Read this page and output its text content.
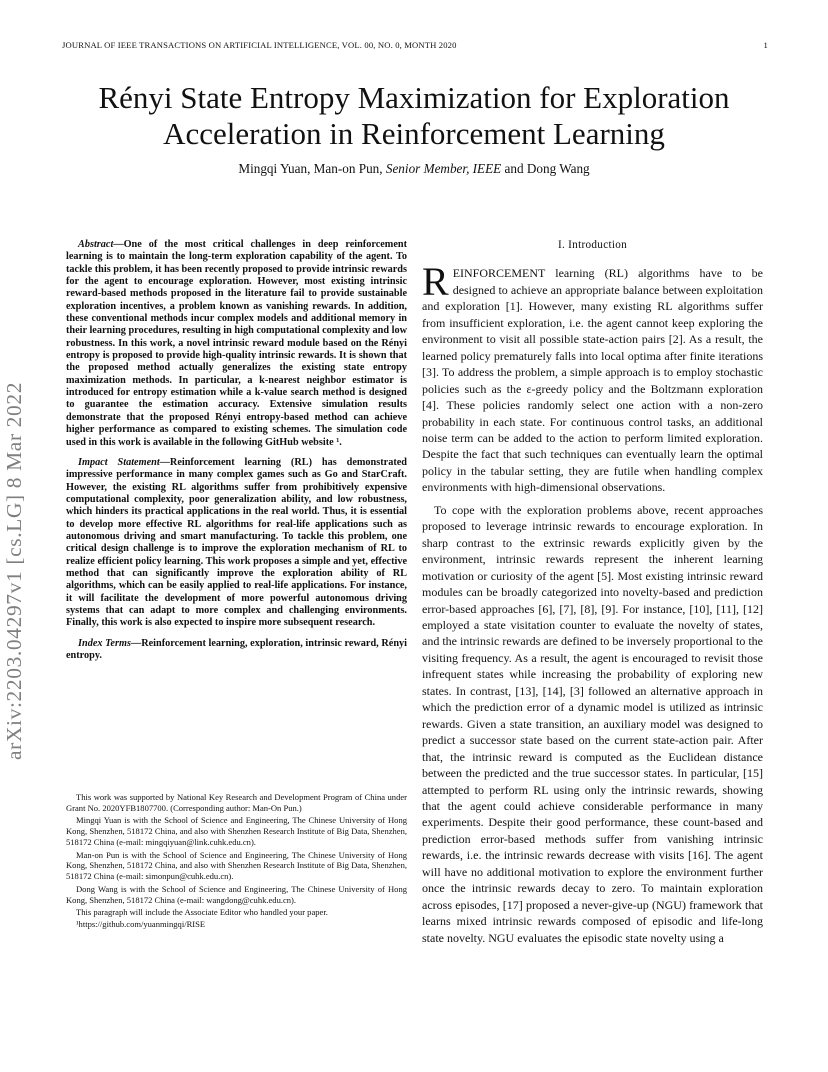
JOURNAL OF IEEE TRANSACTIONS ON ARTIFICIAL INTELLIGENCE, VOL. 00, NO. 0, MONTH 2020	1
arXiv:2203.04297v1 [cs.LG] 8 Mar 2022
Rényi State Entropy Maximization for Exploration
Acceleration in Reinforcement Learning
Mingqi Yuan, Man-on Pun, Senior Member, IEEE and Dong Wang

Abstract—One of the most critical challenges in deep reinforcement learning is to maintain the long-term exploration capability of the agent. To tackle this problem, it has been recently proposed to provide intrinsic rewards for the agent to encourage exploration. However, most existing intrinsic reward-based methods proposed in the literature fail to provide sustainable exploration incentives, a problem known as vanishing rewards. In addition, these conventional methods incur complex models and additional memory in their learning procedures, resulting in high computational complexity and low robustness. In this work, a novel intrinsic reward module based on the Rényi entropy is proposed to provide high-quality intrinsic rewards. It is shown that the proposed method actually generalizes the existing state entropy maximization methods. In particular, a k-nearest neighbor estimator is introduced for entropy estimation while a k-value search method is designed to guarantee the estimation accuracy. Extensive simulation results demonstrate that the proposed Rényi entropy-based method can achieve higher performance as compared to existing schemes. The simulation code used in this work is available in the following GitHub website ¹.

Impact Statement—Reinforcement learning (RL) has demonstrated impressive performance in many complex games such as Go and StarCraft. However, the existing RL algorithms suffer from prohibitively expensive computational complexity, poor generalization ability, and low robustness, which hinders its practical applications in the real world. Thus, it is essential to develop more effective RL algorithms for real-life applications such as autonomous driving and smart manufacturing. To tackle this problem, one critical design challenge is to improve the exploration mechanism of RL to realize efficient policy learning. This work proposes a simple and yet, effective method that can significantly improve the exploration ability of RL algorithms, which can be easily applied to real-life applications. For instance, it will facilitate the development of more powerful autonomous driving systems that can adapt to more complex and challenging environments. Finally, this work is also expected to inspire more subsequent research.

Index Terms—Reinforcement learning, exploration, intrinsic reward, Rényi entropy.

This work was supported by National Key Research and Development Program of China under Grant No. 2020YFB1807700. (Corresponding author: Man-On Pun.)

Mingqi Yuan is with the School of Science and Engineering, The Chinese University of Hong Kong, Shenzhen, 518172 China, and also with Shenzhen Research Institute of Big Data, Shenzhen, 518172 China (e-mail: mingqiyuan@link.cuhk.edu.cn).

Man-on Pun is with the School of Science and Engineering, The Chinese University of Hong Kong, Shenzhen, 518172 China, and also with Shenzhen Research Institute of Big Data, Shenzhen, 518172 China (e-mail: simonpun@cuhk.edu.cn).

Dong Wang is with the School of Science and Engineering, The Chinese University of Hong Kong, Shenzhen, 518172 China (e-mail: wangdong@cuhk.edu.cn).

This paragraph will include the Associate Editor who handled your paper.

¹https://github.com/yuanmingqi/RISE

I. Introduction

REINFORCEMENT learning (RL) algorithms have to be designed to achieve an appropriate balance between exploitation and exploration [1]. However, many existing RL algorithms suffer from insufficient exploration, i.e. the agent cannot keep exploring the environment to visit all possible state-action pairs [2]. As a result, the learned policy prematurely falls into local optima after finite iterations [3]. To address the problem, a simple approach is to employ stochastic policies such as the ε-greedy policy and the Boltzmann exploration [4]. These policies randomly select one action with a non-zero probability in each state. For continuous control tasks, an additional noise term can be added to the action to perform limited exploration. Despite the fact that such techniques can eventually learn the optimal policy in the tabular setting, they are futile when handling complex environments with high-dimensional observations.

To cope with the exploration problems above, recent approaches proposed to leverage intrinsic rewards to encourage exploration. In sharp contrast to the extrinsic rewards explicitly given by the environment, intrinsic rewards represent the inherent learning motivation or curiosity of the agent [5]. Most existing intrinsic reward modules can be broadly categorized into novelty-based and prediction error-based approaches [6], [7], [8], [9]. For instance, [10], [11], [12] employed a state visitation counter to evaluate the novelty of states, and the intrinsic rewards are defined to be inversely proportional to the visiting frequency. As a result, the agent is encouraged to revisit those infrequent states while increasing the probability of exploring new states. In contrast, [13], [14], [3] followed an alternative approach in which the prediction error of a dynamic model is utilized as intrinsic rewards. Given a state transition, an auxiliary model was designed to predict a successor state based on the current state-action pair. After that, the intrinsic reward is computed as the Euclidean distance between the predicted and the true successor states. In particular, [15] attempted to perform RL using only the intrinsic rewards, showing that the agent could achieve considerable performance in many experiments. Despite their good performance, these count-based and prediction error-based methods suffer from vanishing intrinsic rewards, i.e. the intrinsic rewards decrease with visits [16]. The agent will have no additional motivation to explore the environment further once the intrinsic rewards decay to zero. To maintain exploration across episodes, [17] proposed a never-give-up (NGU) framework that learns mixed intrinsic rewards composed of episodic and life-long state novelty. NGU evaluates the episodic state novelty using a
